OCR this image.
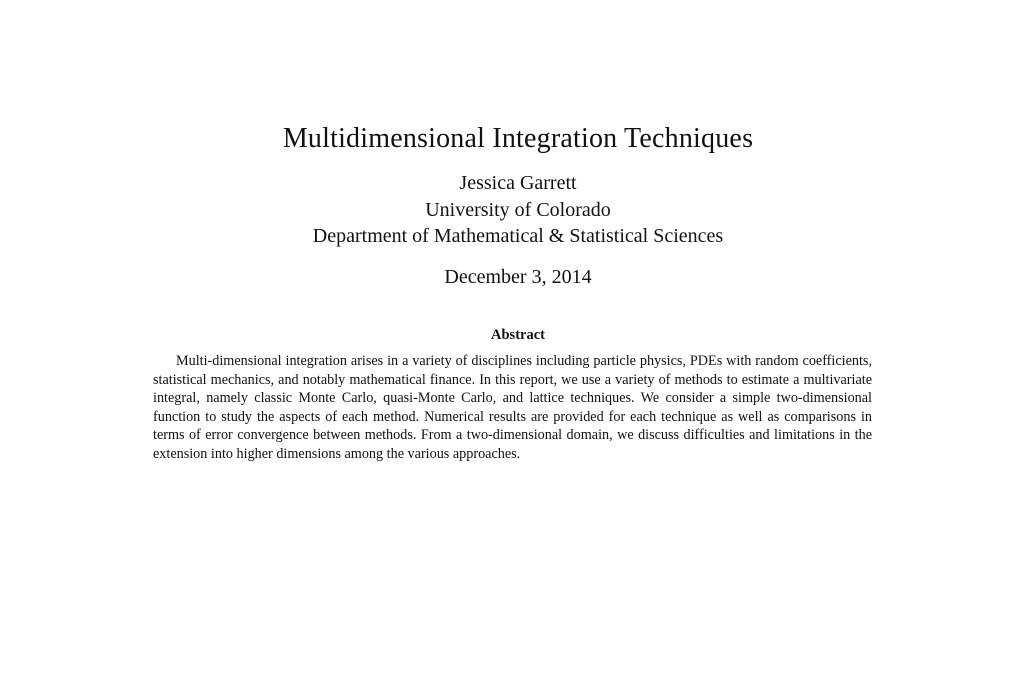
Multidimensional Integration Techniques
Jessica Garrett
University of Colorado
Department of Mathematical & Statistical Sciences
December 3, 2014
Abstract

Multi-dimensional integration arises in a variety of disciplines including particle physics, PDEs with random coefficients, statistical mechanics, and notably mathematical finance. In this report, we use a variety of methods to estimate a multivariate integral, namely classic Monte Carlo, quasi-Monte Carlo, and lattice techniques. We consider a simple two-dimensional function to study the aspects of each method. Numerical results are provided for each technique as well as comparisons in terms of error convergence between methods. From a two-dimensional domain, we discuss difficulties and limitations in the extension into higher dimensions among the various approaches.
